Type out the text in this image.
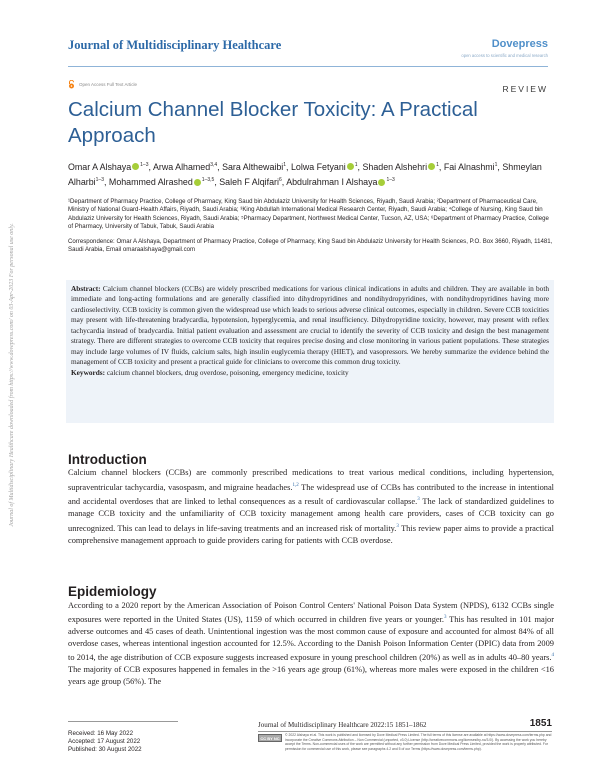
Journal of Multidisciplinary Healthcare downloaded from https://www.dovepress.com/ on 03-Apr-2023 For personal use only.
Journal of Multidisciplinary Healthcare	Dovepress
open access to scientific and medical research
Open Access Full Text Article	REVIEW
Calcium Channel Blocker Toxicity: A Practical Approach
Omar A Alshaya $^{1-3}$, Arwa Alhamed$^{3,4}$, Sara Althewaibi$^1$, Lolwa Fetyani $^1$, Shaden Alshehri $^1$, Fai Alnashmi$^1$, Shmeylan Alharbi$^{1-3}$, Mohammed Alrashed $^{1-3,5}$, Saleh F Alqifari$^6$, Abdulrahman I Alshaya $^{1-3}$
¹Department of Pharmacy Practice, College of Pharmacy, King Saud bin Abdulaziz University for Health Sciences, Riyadh, Saudi Arabia; ²Department of Pharmaceutical Care, Ministry of National Guard-Health Affairs, Riyadh, Saudi Arabia; ³King Abdullah International Medical Research Center, Riyadh, Saudi Arabia; ⁴College of Nursing, King Saud bin Abdulaziz University for Health Sciences, Riyadh, Saudi Arabia; ⁵Pharmacy Department, Northwest Medical Center, Tucson, AZ, USA; ⁶Department of Pharmacy Practice, College of Pharmacy, University of Tabuk, Tabuk, Saudi Arabia
Correspondence: Omar A Alshaya, Department of Pharmacy Practice, College of Pharmacy, King Saud bin Abdulaziz University for Health Sciences, P.O. Box 3660, Riyadh, 11481, Saudi Arabia, Email omaraalshaya@gmail.com
Abstract: Calcium channel blockers (CCBs) are widely prescribed medications for various clinical indications in adults and children. They are available in both immediate and long-acting formulations and are generally classified into dihydropyridines and nondihydropyridines, with nondihydropyridines having more cardioselectivity. CCB toxicity is common given the widespread use which leads to serious adverse clinical outcomes, especially in children. Severe CCB toxicities may present with life-threatening bradycardia, hypotension, hyperglycemia, and renal insufficiency. Dihydropyridine toxicity, however, may present with reflex tachycardia instead of bradycardia. Initial patient evaluation and assessment are crucial to identify the severity of CCB toxicity and design the best management strategy. There are different strategies to overcome CCB toxicity that requires precise dosing and close monitoring in various patient populations. These strategies may include large volumes of IV fluids, calcium salts, high insulin euglycemia therapy (HIET), and vasopressors. We hereby summarize the evidence behind the management of CCB toxicity and present a practical guide for clinicians to overcome this common drug toxicity.
Keywords: calcium channel blockers, drug overdose, poisoning, emergency medicine, toxicity
Introduction

Calcium channel blockers (CCBs) are commonly prescribed medications to treat various medical conditions, including hypertension, supraventricular tachycardia, vasospasm, and migraine headaches.$^{1,2}$ The widespread use of CCBs has contributed to the increase in intentional and accidental overdoses that are linked to lethal consequences as a result of cardiovascular collapse.$^3$ The lack of standardized guidelines to manage CCB toxicity and the unfamiliarity of CCB toxicity management among health care providers, cases of CCB toxicity can go unrecognized. This can lead to delays in life-saving treatments and an increased risk of mortality.$^3$ This review paper aims to provide a practical comprehensive management approach to guide providers caring for patients with CCB overdose.

Epidemiology

According to a 2020 report by the American Association of Poison Control Centers' National Poison Data System (NPDS), 6132 CCBs single exposures were reported in the United States (US), 1159 of which occurred in children five years or younger.$^3$ This has resulted in 101 major adverse outcomes and 45 cases of death. Unintentional ingestion was the most common cause of exposure and accounted for almost 84% of all overdose cases, whereas intentional ingestion accounted for 12.5%. According to the Danish Poison Information Center (DPIC) data from 2009 to 2014, the age distribution of CCB exposure suggests increased exposure in young preschool children (20%) as well as in adults 40–80 years.$^4$ The majority of CCB exposures happened in females in the >16 years age group (61%), whereas more males were exposed in the children <16 years age group (56%). The

Received: 16 May 2022
Accepted: 17 August 2022
Published: 30 August 2022
Journal of Multidisciplinary Healthcare 2022:15 1851–1862	1851
CC BY NC
© 2022 Alshaya et al. This work is published and licensed by Dove Medical Press Limited. The full terms of this license are available at https://www.dovepress.com/terms.php and incorporate the Creative Commons Attribution – Non Commercial (unported, v3.0) License (http://creativecommons.org/licenses/by-nc/3.0/). By accessing the work you hereby accept the Terms. Non-commercial uses of the work are permitted without any further permission from Dove Medical Press Limited, provided the work is properly attributed. For permission for commercial use of this work, please see paragraphs 4.2 and 5 of our Terms (https://www.dovepress.com/terms.php).
